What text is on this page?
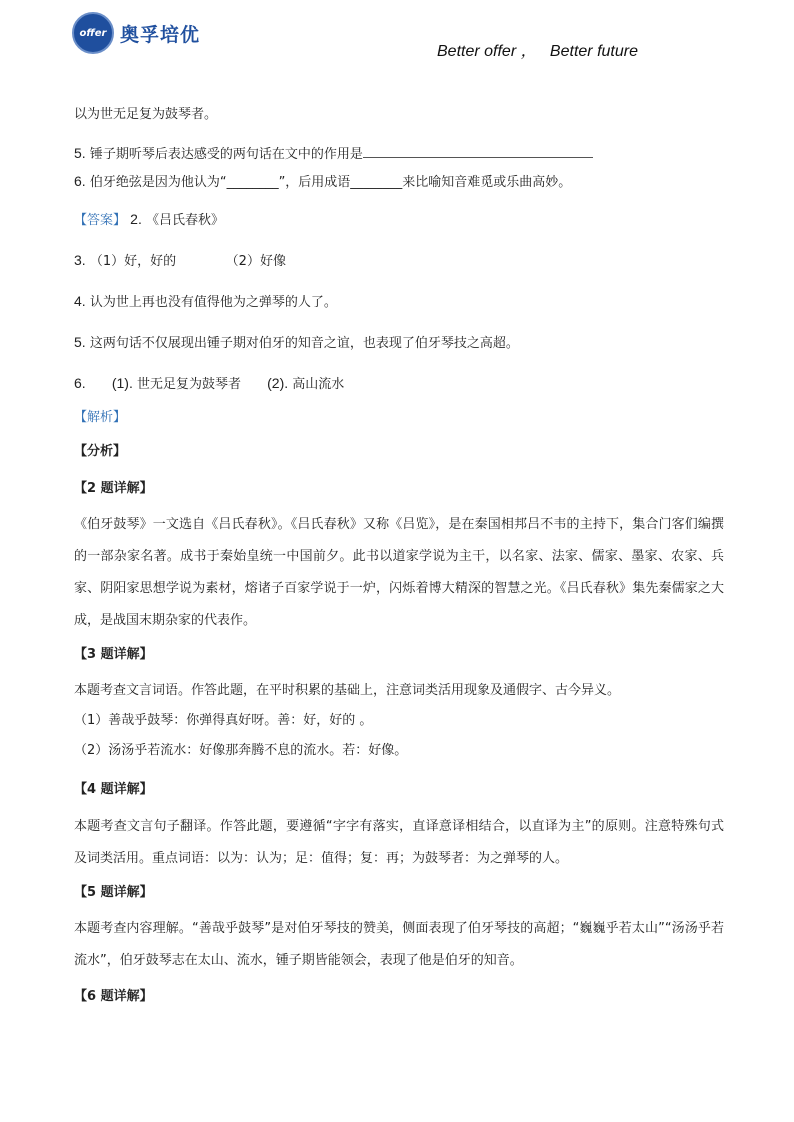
offer 奥孚培优
Better offer ，   Better future
以为世无足复为鼓琴者。
5. 锤子期听琴后表达感受的两句话在文中的作用是
6. 伯牙绝弦是因为他认为“________”，后用成语________来比喻知音难觅或乐曲高妙。
【答案】 2. 《吕氏春秋》
3. （1）好，好的            （2）好像
4. 认为世上再也没有值得他为之弹琴的人了。
5. 这两句话不仅展现出锺子期对伯牙的知音之谊，也表现了伯牙琴技之高超。
6. (1). 世无足复为鼓琴者 (2). 高山流水
【解析】
【分析】
【2 题详解】
《伯牙鼓琴》一文选自《吕氏春秋》。《吕氏春秋》又称《吕览》，是在秦国相邦吕不韦的主持下，集合门客们编撰的一部杂家名著。成书于秦始皇统一中国前夕。此书以道家学说为主干，以名家、法家、儒家、墨家、农家、兵家、阴阳家思想学说为素材，熔诸子百家学说于一炉，闪烁着博大精深的智慧之光。《吕氏春秋》集先秦儒家之大成，是战国末期杂家的代表作。
【3 题详解】
本题考查文言词语。作答此题，在平时积累的基础上，注意词类活用现象及通假字、古今异义。
（1）善哉乎鼓琴：你弹得真好呀。善：好，好的 。
（2）汤汤乎若流水：好像那奔腾不息的流水。若：好像。
【4 题详解】
本题考查文言句子翻译。作答此题，要遵循“字字有落实，直译意译相结合，以直译为主”的原则。注意特殊句式及词类活用。重点词语：以为：认为；足：值得；复：再；为鼓琴者：为之弹琴的人。
【5 题详解】
本题考查内容理解。“善哉乎鼓琴”是对伯牙琴技的赞美，侧面表现了伯牙琴技的高超；“巍巍乎若太山”“汤汤乎若流水”，伯牙鼓琴志在太山、流水，锺子期皆能领会，表现了他是伯牙的知音。
【6 题详解】
